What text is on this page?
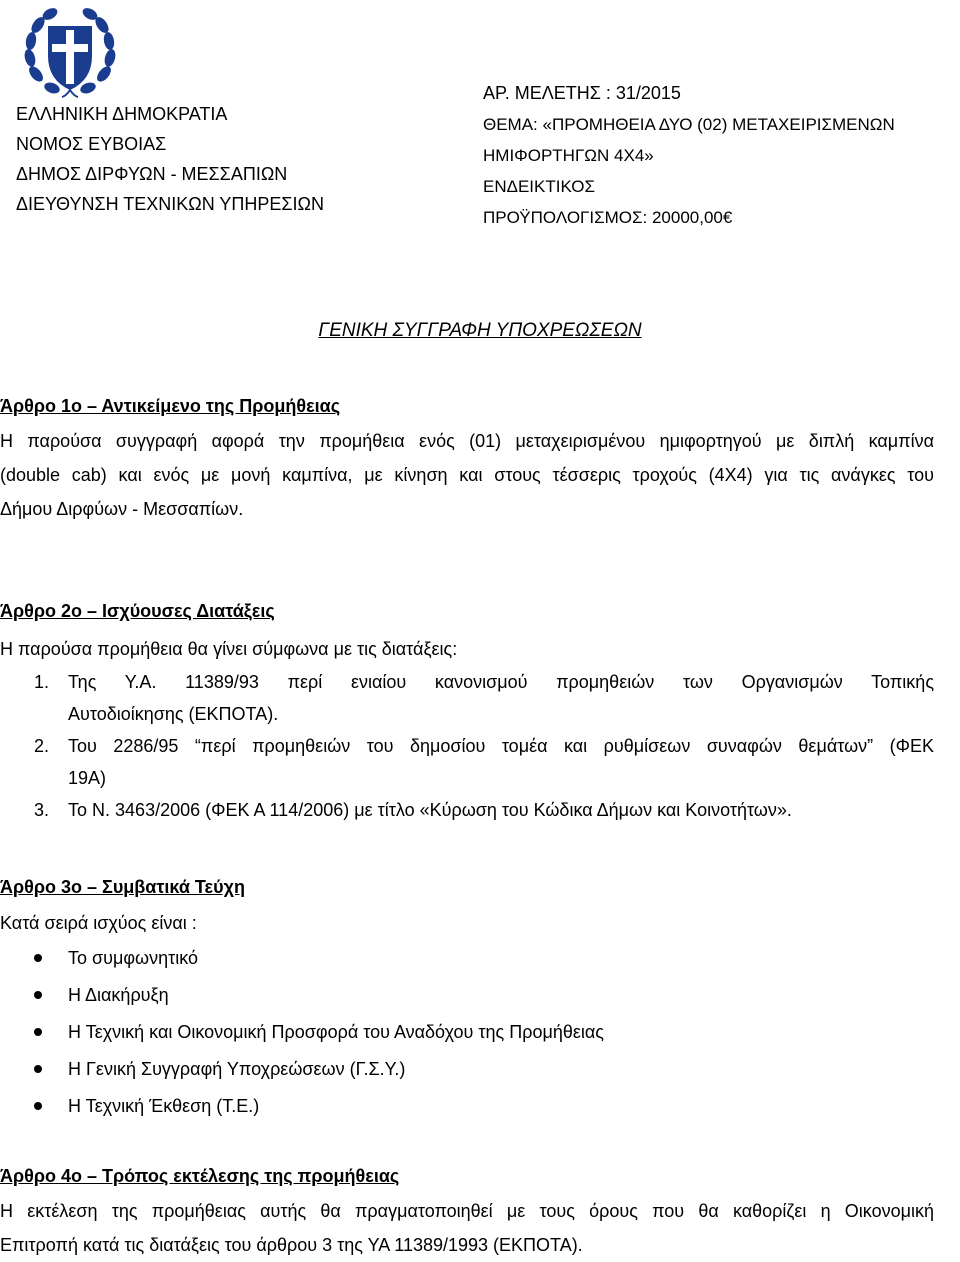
ΕΛΛΗΝΙΚΗ ΔΗΜΟΚΡΑΤΙΑ
ΝΟΜΟΣ ΕΥΒΟΙΑΣ
ΔΗΜΟΣ ΔΙΡΦΥΩΝ - ΜΕΣΣΑΠΙΩΝ
ΔΙΕΥΘΥΝΣΗ ΤΕΧΝΙΚΩΝ ΥΠΗΡΕΣΙΩΝ
ΑΡ. ΜΕΛΕΤΗΣ : 31/2015
ΘΕΜΑ: «ΠΡΟΜΗΘΕΙΑ ΔΥΟ (02) ΜΕΤΑΧΕΙΡΙΣΜΕΝΩΝ
ΗΜΙΦΟΡΤΗΓΩΝ 4Χ4»
ΕΝΔΕΙΚΤΙΚΟΣ
ΠΡΟΫΠΟΛΟΓΙΣΜΟΣ: 20000,00€
ΓΕΝΙΚΗ ΣΥΓΓΡΑΦΗ ΥΠΟΧΡΕΩΣΕΩΝ
Άρθρο 1ο – Αντικείμενο της Προμήθειας
Η παρούσα συγγραφή αφορά την προμήθεια ενός (01) μεταχειρισμένου ημιφορτηγού με διπλή καμπίνα
(double cab) και ενός με μονή καμπίνα, με κίνηση και στους τέσσερις τροχούς (4Χ4) για τις ανάγκες του
Δήμου Διρφύων - Μεσσαπίων.
Άρθρο 2ο – Ισχύουσες Διατάξεις
Η παρούσα προμήθεια θα γίνει σύμφωνα με τις διατάξεις:
1. Της Υ.Α. 11389/93 περί ενιαίου κανονισμού προμηθειών των Οργανισμών Τοπικής
Αυτοδιοίκησης (ΕΚΠΟΤΑ).
2. Του 2286/95 “περί προμηθειών του δημοσίου τομέα και ρυθμίσεων συναφών θεμάτων” (ΦΕΚ
19Α)
3. Το Ν. 3463/2006 (ΦΕΚ Α 114/2006) με τίτλο «Κύρωση του Κώδικα Δήμων και Κοινοτήτων».
Άρθρο 3ο – Συμβατικά Τεύχη
Κατά σειρά ισχύος είναι :
Το συμφωνητικό
Η Διακήρυξη
Η Τεχνική και Οικονομική Προσφορά του Αναδόχου της Προμήθειας
Η Γενική Συγγραφή Υποχρεώσεων (Γ.Σ.Υ.)
Η Τεχνική Έκθεση (Τ.Ε.)
Άρθρο 4ο – Τρόπος εκτέλεσης της προμήθειας
Η εκτέλεση της προμήθειας αυτής θα πραγματοποιηθεί με τους όρους που θα καθορίζει η Οικονομική
Επιτροπή κατά τις διατάξεις του άρθρου 3 της ΥΑ 11389/1993 (ΕΚΠΟΤΑ).
